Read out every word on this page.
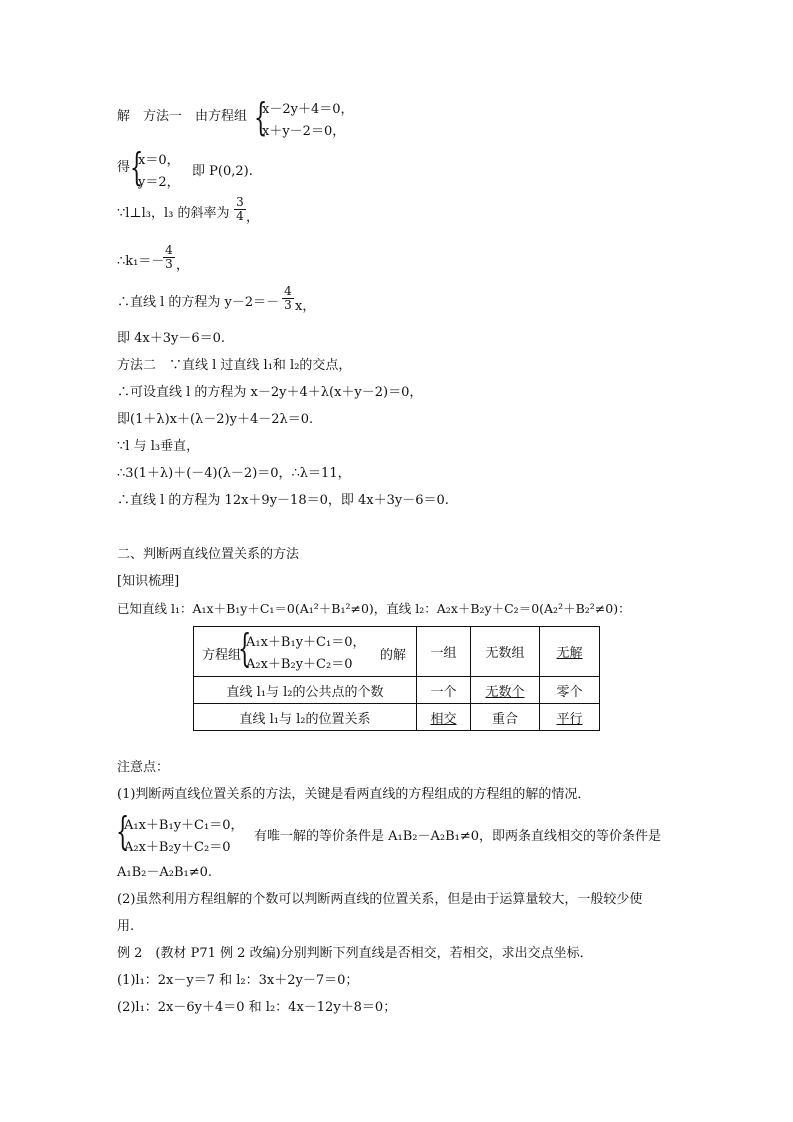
解　方法一　由方程组 {
x－2y＋4＝0，
x＋y－2＝0，
得 {
x＝0，
y＝2，
即 P(0,2).
∵l⊥l₃，l₃ 的斜率为 $\frac{3}{4}$ ，
∴k₁＝－
$\frac{4}{3}$ ，
∴直线 l 的方程为 $y-2=- \frac{4}{3}$ x，
即 4x＋3y－6＝0.
方法二　∵直线 l 过直线 l₁和 l₂的交点，
∴可设直线 l 的方程为 x－2y＋4＋λ(x＋y－2)＝0，
即(1＋λ)x＋(λ－2)y＋4－2λ＝0.
∵l 与 l₃垂直，
∴3(1＋λ)＋(－4)(λ－2)＝0，∴λ＝11，
∴直线 l 的方程为 12x＋9y－18＝0，即 4x＋3y－6＝0.
二、判断两直线位置关系的方法
[知识梳理]
已知直线 l₁：A₁x＋B₁y＋C₁＝0(A₁²＋B₁²≠0)，直线 l₂：A₂x＋B₂y＋C₂＝0(A₂²＋B₂²≠0)：
方程组
{
A₁x＋B₁y＋C₁＝0，
A₂x＋B₂y＋C₂＝0
的解	一组	无数组	无解
直线 l₁与 l₂的公共点的个数	一个	无数个	零个
直线 l₁与 l₂的位置关系	相交	重合	平行
注意点：
(1)判断两直线位置关系的方法，关键是看两直线的方程组成的方程组的解的情况．
{
A₁x＋B₁y＋C₁＝0，
A₂x＋B₂y＋C₂＝0
有唯一解的等价条件是 A₁B₂－A₂B₁≠0，即两条直线相交的等价条件是
A₁B₂－A₂B₁≠0.
(2)虽然利用方程组解的个数可以判断两直线的位置关系，但是由于运算量较大，一般较少使
用.
例 2　(教材 P71 例 2 改编)分别判断下列直线是否相交，若相交，求出交点坐标．
(1)l₁：2x－y＝7 和 l₂：3x＋2y－7＝0；
(2)l₁：2x－6y＋4＝0 和 l₂：4x－12y＋8＝0；
